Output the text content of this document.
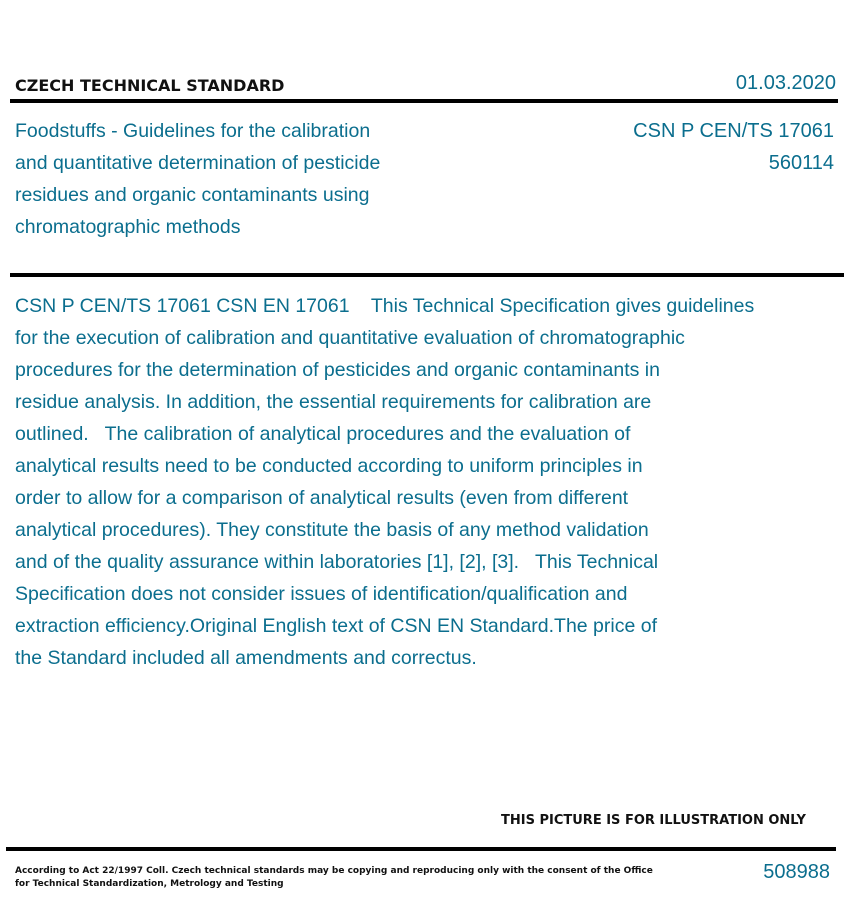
CZECH TECHNICAL STANDARD	01.03.2020
Foodstuffs - Guidelines for the calibration
and quantitative determination of pesticide
residues and organic contaminants using
chromatographic methods
CSN P CEN/TS 17061
560114
CSN P CEN/TS 17061 CSN EN 17061    This Technical Specification gives guidelines
for the execution of calibration and quantitative evaluation of chromatographic
procedures for the determination of pesticides and organic contaminants in
residue analysis. In addition, the essential requirements for calibration are
outlined.   The calibration of analytical procedures and the evaluation of
analytical results need to be conducted according to uniform principles in
order to allow for a comparison of analytical results (even from different
analytical procedures). They constitute the basis of any method validation
and of the quality assurance within laboratories [1], [2], [3].   This Technical
Specification does not consider issues of identification/qualification and
extraction efficiency.Original English text of CSN EN Standard.The price of
the Standard included all amendments and correctus.
THIS PICTURE IS FOR ILLUSTRATION ONLY
According to Act 22/1997 Coll. Czech technical standards may be copying and reproducing only with the consent of the Office
for Technical Standardization, Metrology and Testing
508988
